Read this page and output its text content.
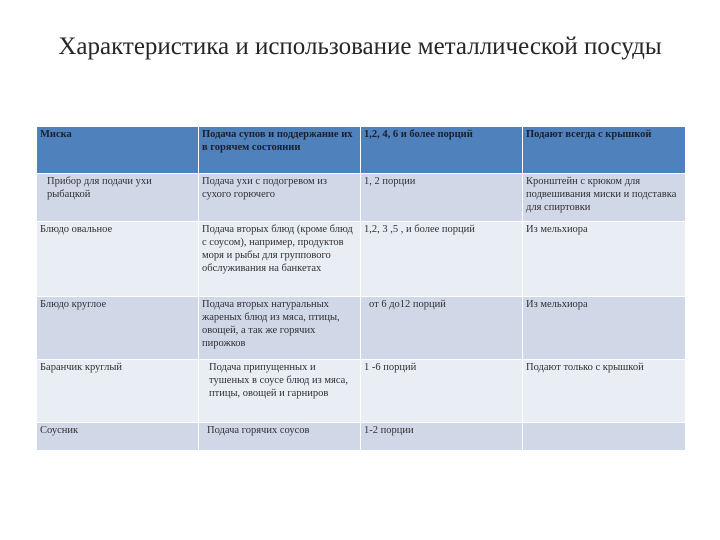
Характеристика и использование металлической посуды
Миска	Подача супов и поддержание их в горячем состоянии	1,2, 4, 6 и более порций	Подают всегда с крышкой
Прибор для подачи ухи рыбацкой	Подача ухи с подогревом из сухого горючего	1, 2 порции	Кронштейн с крюком для подвешивания миски и подставка для спиртовки
Блюдо овальное	Подача вторых блюд (кроме блюд с соусом), например, продуктов моря и рыбы для группового обслуживания на банкетах	1,2, 3 ,5 , и более порций	Из мельхиора
Блюдо круглое	Подача вторых натуральных жареных блюд из мяса, птицы, овощей, а так же горячих пирожков	от 6 до12 порций	Из мельхиора
Баранчик круглый	Подача припущенных и тушеных в соусе блюд из мяса, птицы, овощей и гарниров	1 -6 порций	Подают только с крышкой
Соусник	Подача горячих соусов	1-2 порции	
